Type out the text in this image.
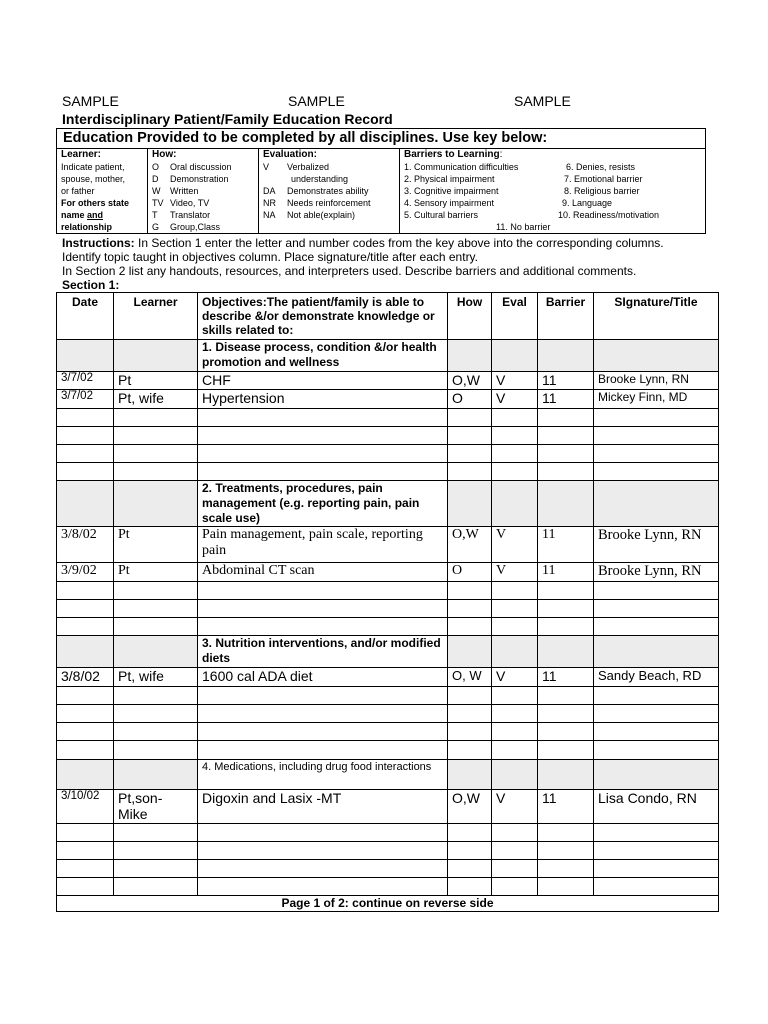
SAMPLE	SAMPLE	SAMPLE
Interdisciplinary Patient/Family Education Record
Education Provided to be completed by all disciplines. Use key below:

Learner:
Indicate patient,
spouse, mother,
or father
For others state
name and
relationship

How:
O Oral discussion
D Demonstration
W Written
TV Video, TV
T Translator
G Group,Class

Evaluation:
V Verbalized
understanding
DA Demonstrates ability
NR Needs reinforcement
NA Not able(explain)

Barriers to Learning:
1. Communication difficulties
2. Physical impairment
3. Cognitive impairment
4. Sensory impairment
5. Cultural barriers
6. Denies, resists
7. Emotional barrier
8. Religious barrier
9. Language
10. Readiness/motivation
11. No barrier
Instructions: In Section 1 enter the letter and number codes from the key above into the corresponding columns.
Identify topic taught in objectives column. Place signature/title after each entry.
In Section 2 list any handouts, resources, and interpreters used. Describe barriers and additional comments.
Section 1:
Date	Learner	Objectives:The patient/family is able to describe &/or demonstrate knowledge or skills related to:	How	Eval	Barrier	SIgnature/Title
		1. Disease process, condition &/or health promotion and wellness				
3/7/02	Pt	CHF	O,W	V	11	Brooke Lynn, RN
3/7/02	Pt, wife	Hypertension	O	V	11	Mickey Finn, MD

		2. Treatments, procedures, pain management (e.g. reporting pain, pain scale use)				
3/8/02	Pt	Pain management, pain scale, reporting pain	O,W	V	11	Brooke Lynn, RN
3/9/02	Pt	Abdominal CT scan	O	V	11	Brooke Lynn, RN

		3. Nutrition interventions, and/or modified diets				
3/8/02	Pt, wife	1600 cal ADA diet	O, W	V	11	Sandy Beach, RD

		4. Medications, including drug food interactions				
3/10/02	Pt,son- Mike	Digoxin and Lasix -MT	O,W	V	11	Lisa Condo, RN

Page 1 of 2: continue on reverse side						
